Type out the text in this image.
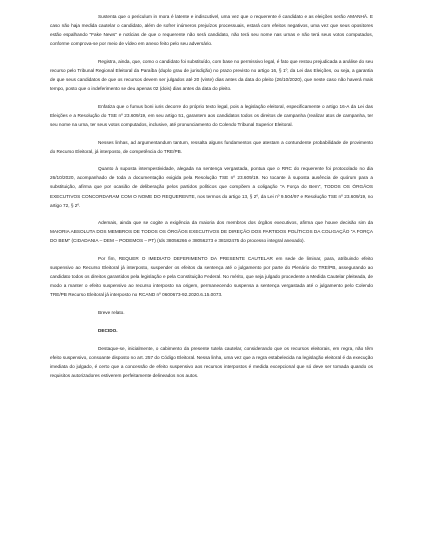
Sustenta que o periculum in mora é latente e indiscutível, uma vez que o requerente é candidato e as eleições serão AMANHÃ. E caso não haja medida cautelar o candidato, além de sofrer inúmeros prejuízos processuais, estará com efeitos negativos, uma vez que seus opositores estão espalhando "Fake News" e notícias de que o requerente não será candidato, não terá seu nome nas urnas e não terá seus votos computados, conforme comprova-se por meio de vídeo em anexo feito pelo seu adversário.

Registra, ainda, que, como o candidato foi substituído, com base no permissivo legal, é fato que restou prejudicada a análise do seu recurso pelo Tribunal Regional Eleitoral da Paraíba (duplo grau de jurisdição) no prazo previsto no artigo 16, § 1º, da Lei das Eleições, ou seja, a garantia de que seus candidatos de que os recursos devem ser julgados até 20 (vinte) dias antes da data do pleito (26/10/2020), que neste caso não haverá mais tempo, posto que o indeferimento se deu apenas 02 (dois) dias antes da data do pleito.

Enfatiza que o fumus boni iuris decorre do próprio texto legal, pois a legislação eleitoral, especificamente o artigo 16-A da Lei das Eleições e a Resolução do TSE nº 23.609/19, em seu artigo 51, garantem aos candidatos todos os direitos de campanha (realizar atos de campanha, ter seu nome na urna, ter seus votos computados, inclusive, até pronunciamento do Colendo Tribunal Superior Eleitoral.

Nesses linhas, ad argumentandum tantum, ressalta alguns fundamentos que atestam a contundente probabilidade de provimento do Recurso Eleitoral, já interposto, de competência do TRE/PB.

Quanto à suposta intempestividade, alegada na sentença vergastada, pontua que o RRC do requerente foi protocolado no dia 26/10/2020, acompanhado de toda a documentação exigida pela Resolução TSE nº 23.609/19. No tocante à suposta ausência de quórum para a substituição, afirma que por ocasião de deliberação pelos partidos políticos que compõem a coligação "A Força do Bem", TODOS OS ÓRGÃOS EXECUTIVOS CONCORDARAM COM O NOME DO REQUERENTE, nos termos do artigo 13, § 2º, da Lei nº 9.504/97 e Resolução TSE nº 23.609/19, no artigo 72, § 2º.

Ademais, ainda que se cogite a exigência da maioria dos membros dos órgãos executivos, afirma que houve decisão sim da MAIORIA ABSOLUTA DOS MEMBROS DE TODOS OS ÓRGÃOS EXECUTIVOS DE DIREÇÃO DOS PARTIDOS POLÍTICOS DA COLIGAÇÃO "A FORÇA DO BEM" (CIDADANIA – DEM – PODEMOS – PT) (Ids 38056266 e 38056273 e 38182475 do processo integral anexado).

Por fim, REQUER O IMEDIATO DEFERIMENTO DA PRESENTE CAUTELAR em sede de liminar, para, atribuindo efeito suspensivo ao Recurso Eleitoral já interposto, suspender os efeitos da sentença até o julgamento por parte do Plenário do TRE/PB, assegurando ao candidato todos os direitos garantidos pela legislação e pela Constituição Federal. No mérito, que seja julgado procedente a Medida Cautelar pleiteada, de modo a manter o efeito suspensivo ao recurso interposto na origem, permanecendo suspensa a sentença vergastada até o julgamento pelo Colendo TRE/PB Recurso Eleitoral já interposto no RCAND nº 0600673-92.2020.6.15.0073.

Breve relato.

DECIDO.

Destaque-se, inicialmente, o cabimento da presente tutela cautelar, considerando que os recursos eleitorais, em regra, não têm efeito suspensivo, consoante disposto no art. 257 do Código Eleitoral. Nessa linha, uma vez que a regra estabelecida na legislação eleitoral é da execução imediata do julgado, é certo que a concessão de efeito suspensivo aos recursos interpostos é medida excepcional que só deve ser tomada quando os requisitos autorizadores estiverem perfeitamente delineados nos autos.
